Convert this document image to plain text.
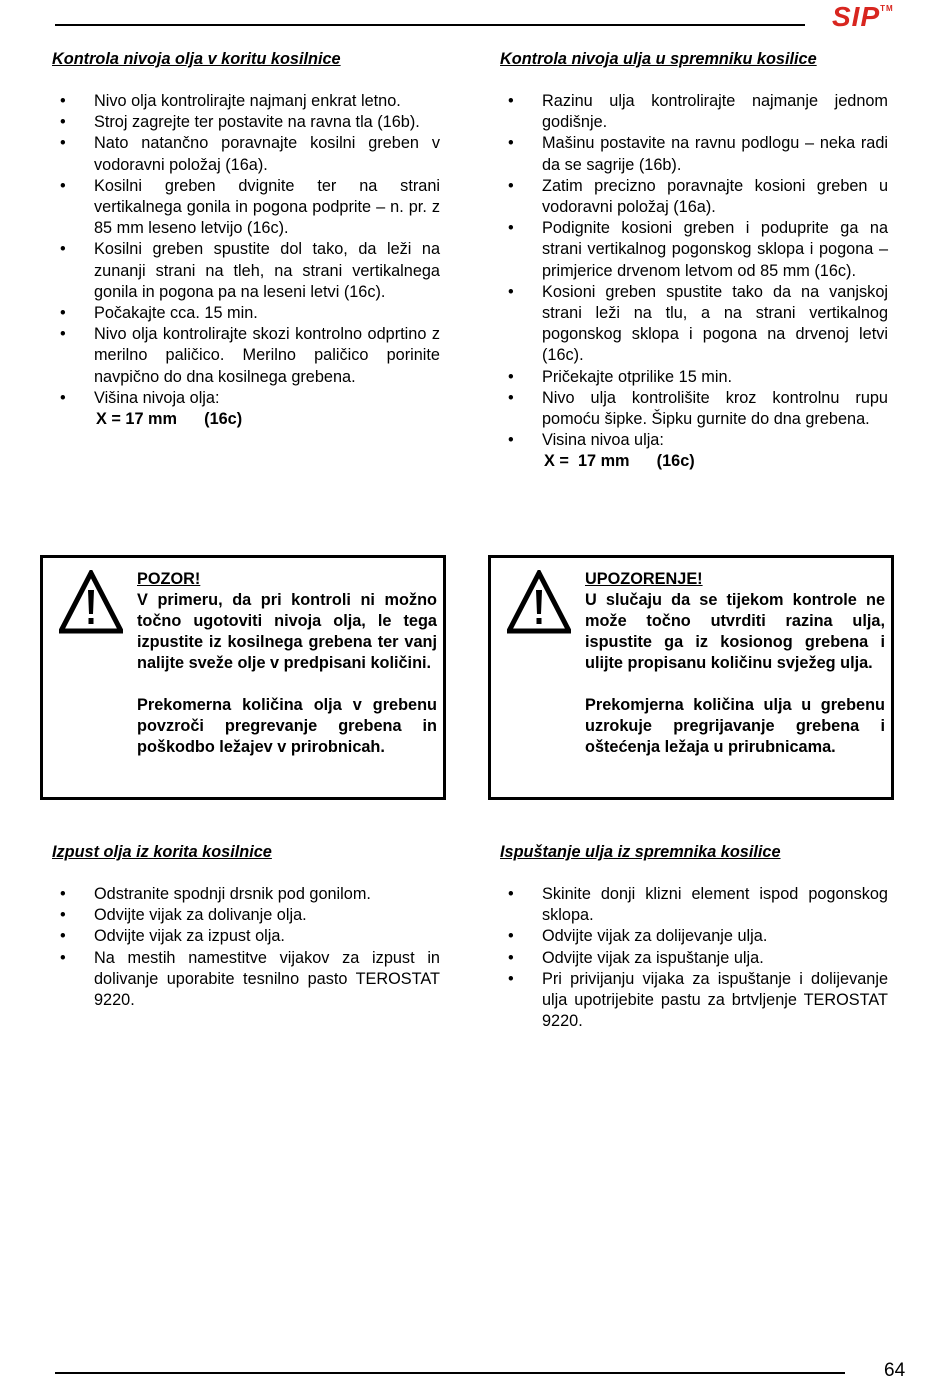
SIP™

Kontrola nivoja olja v koritu kosilnice

• Nivo olja kontrolirajte najmanj enkrat letno.
• Stroj zagrejte ter postavite na ravna tla (16b).
• Nato natančno poravnajte kosilni greben v vodoravni položaj (16a).
• Kosilni greben dvignite ter na strani vertikalnega gonila in pogona podprite – n. pr. z 85 mm leseno letvijo (16c).
• Kosilni greben spustite dol tako, da leži na zunanji strani na tleh, na strani vertikalnega gonila in pogona pa na leseni letvi (16c).
• Počakajte cca. 15 min.
• Nivo olja kontrolirajte skozi kontrolno odprtino z merilno paličico. Merilno paličico porinite navpično do dna kosilnega grebena.
• Višina nivoja olja:
X = 17 mm      (16c)

Kontrola nivoja ulja u spremniku kosilice

• Razinu ulja kontrolirajte najmanje jednom godišnje.
• Mašinu postavite na ravnu podlogu – neka radi da se sagrije (16b).
• Zatim precizno poravnajte kosioni greben u vodoravni položaj (16a).
• Podignite kosioni greben i poduprite ga na strani vertikalnog pogonskog sklopa i pogona – primjerice drvenom letvom od 85 mm (16c).
• Kosioni greben spustite tako da na vanjskoj strani leži na tlu, a na strani vertikalnog pogonskog sklopa i pogona na drvenoj letvi (16c).
• Pričekajte otprilike 15 min.
• Nivo ulja kontrolišite kroz kontrolnu rupu pomoću šipke. Šipku gurnite do dna grebena.
• Visina nivoa ulja:
X =  17 mm      (16c)
POZOR!

V primeru, da pri kontroli ni možno točno ugotoviti nivoja olja, le tega izpustite iz kosilnega grebena ter vanj nalijte sveže olje v predpisani količini.

Prekomerna količina olja v grebenu povzroči pregrevanje grebena in poškodbo ležajev v prirobnicah.

UPOZORENJE!

U slučaju da se tijekom kontrole ne može točno utvrditi razina ulja, ispustite ga iz kosionog grebena i ulijte propisanu količinu svježeg ulja.

Prekomjerna količina ulja u grebenu uzrokuje pregrijavanje grebena i oštećenja ležaja u prirubnicama.

Izpust olja iz korita kosilnice

• Odstranite spodnji drsnik pod gonilom.
• Odvijte vijak za dolivanje olja.
• Odvijte vijak za izpust olja.
• Na mestih namestitve vijakov za izpust in dolivanje uporabite tesnilno pasto TEROSTAT 9220.

Ispuštanje ulja iz spremnika kosilice

• Skinite donji klizni element ispod pogonskog sklopa.
• Odvijte vijak za dolijevanje ulja.
• Odvijte vijak za ispuštanje ulja.
• Pri privijanju vijaka za ispuštanje i dolijevanje ulja upotrijebite pastu za brtvljenje TEROSTAT 9220.
64
